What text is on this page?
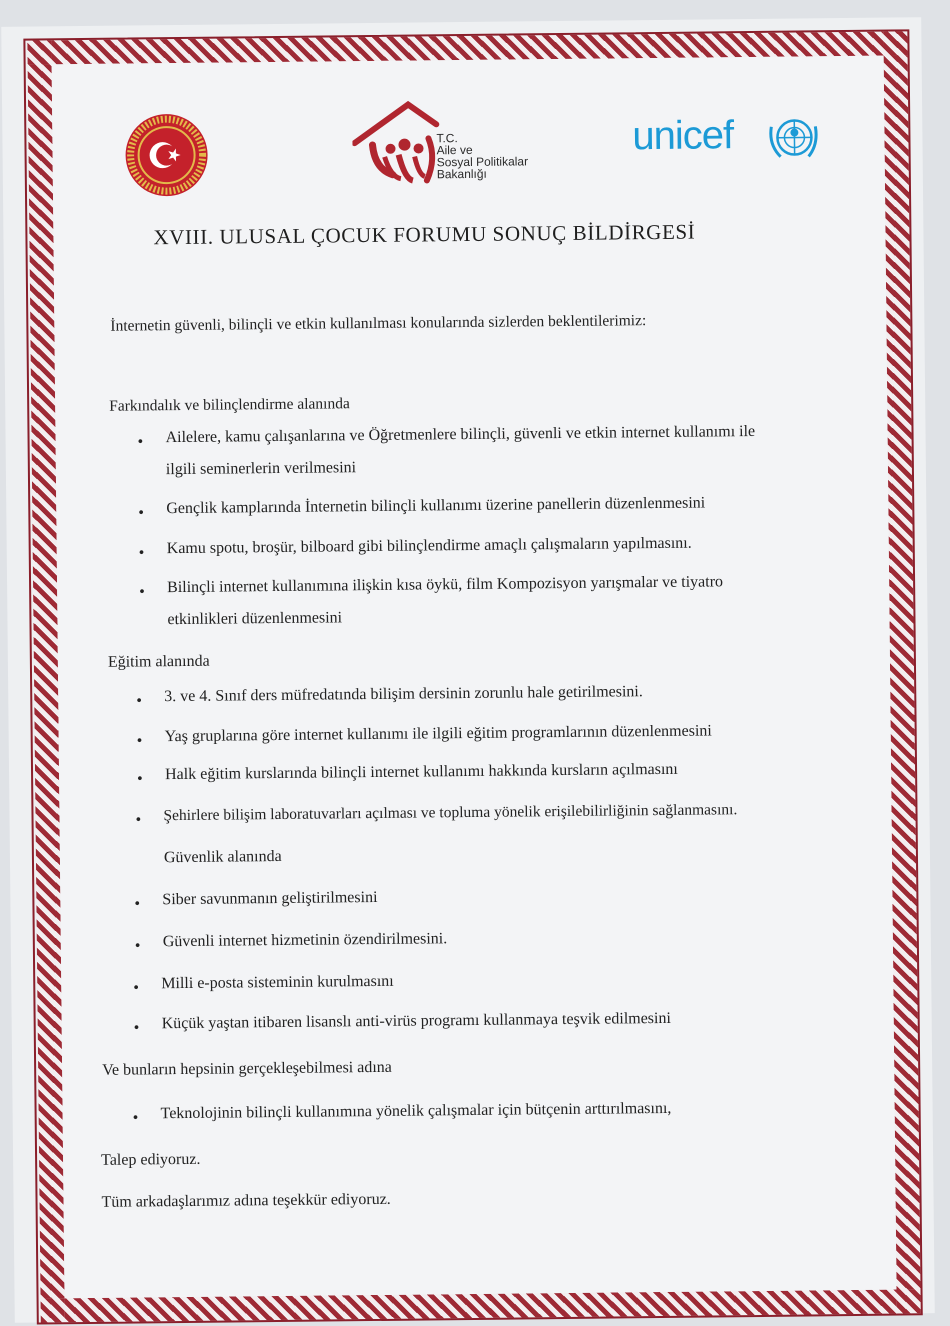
T.C.
Aile ve
Sosyal Politikalar
Bakanlığı
unicef
XVIII. ULUSAL ÇOCUK FORUMU SONUÇ BİLDİRGESİ
İnternetin güvenli, bilinçli ve etkin kullanılması konularında sizlerden beklentilerimiz:
Farkındalık ve bilinçlendirme alanında
• Ailelere, kamu çalışanlarına ve Öğretmenlere bilinçli, güvenli ve etkin internet kullanımı ile
ilgili seminerlerin verilmesini
• Gençlik kamplarında İnternetin bilinçli kullanımı üzerine panellerin düzenlenmesini
• Kamu spotu, broşür, bilboard gibi bilinçlendirme amaçlı çalışmaların yapılmasını.
• Bilinçli internet kullanımına ilişkin kısa öykü, film Kompozisyon yarışmalar ve tiyatro
etkinlikleri düzenlenmesini
Eğitim alanında
• 3. ve 4. Sınıf ders müfredatında bilişim dersinin zorunlu hale getirilmesini.
• Yaş gruplarına göre internet kullanımı ile ilgili eğitim programlarının düzenlenmesini
• Halk eğitim kurslarında bilinçli internet kullanımı hakkında kursların açılmasını
• Şehirlere bilişim laboratuvarları açılması ve topluma yönelik erişilebilirliğinin sağlanmasını.
Güvenlik alanında
• Siber savunmanın geliştirilmesini
• Güvenli internet hizmetinin özendirilmesini.
• Milli e-posta sisteminin kurulmasını
• Küçük yaştan itibaren lisanslı anti-virüs programı kullanmaya teşvik edilmesini
Ve bunların hepsinin gerçekleşebilmesi adına
• Teknolojinin bilinçli kullanımına yönelik çalışmalar için bütçenin arttırılmasını,
Talep ediyoruz.
Tüm arkadaşlarımız adına teşekkür ediyoruz.
